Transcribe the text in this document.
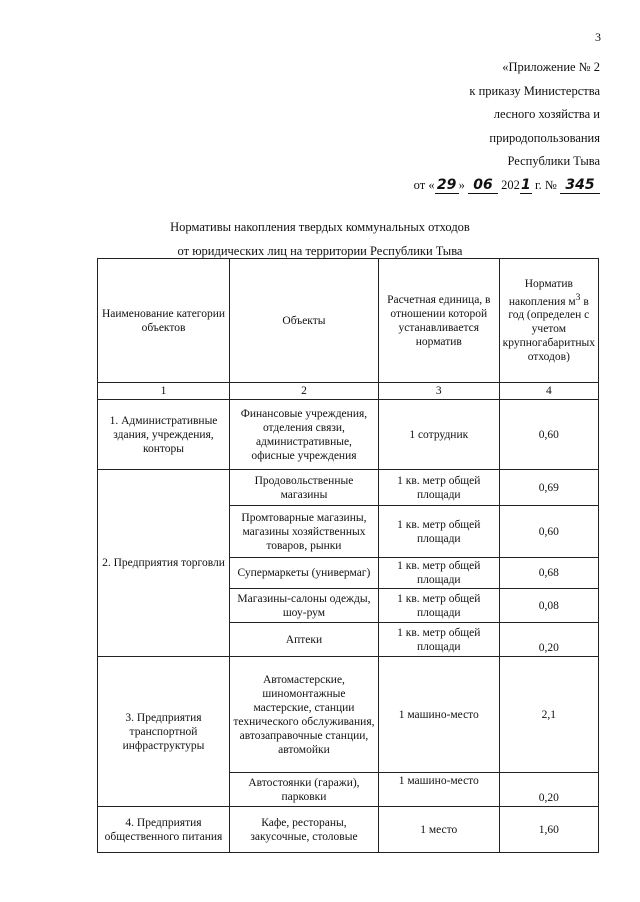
3
«Приложение № 2
к приказу Министерства
лесного хозяйства и
природопользования
Республики Тыва
от « 29 » 06 2021 г. № 345
Нормативы накопления твердых коммунальных отходов
от юридических лиц на территории Республики Тыва
Наименование категории объектов	Объекты	Расчетная единица, в отношении которой устанавливается норматив	Норматив накопления $м^3$ в год (определен с учетом крупногабаритных отходов)
1	2	3	4
1. Административные здания, учреждения, конторы	Финансовые учреждения, отделения связи, административные, офисные учреждения	1 сотрудник	0,60
2. Предприятия торговли	Продовольственные магазины	1 кв. метр общей площади	0,69
	Промтоварные магазины, магазины хозяйственных товаров, рынки	1 кв. метр общей площади	0,60
	Супермаркеты (универмаг)	1 кв. метр общей площади	0,68
	Магазины-салоны одежды, шоу-рум	1 кв. метр общей площади	0,08
	Аптеки	1 кв. метр общей площади	0,20
3. Предприятия транспортной инфраструктуры	Автомастерские, шиномонтажные мастерские, станции технического обслуживания, автозаправочные станции, автомойки	1 машино-место	2,1
	Автостоянки (гаражи), парковки	1 машино-место	0,20
4. Предприятия общественного питания	Кафе, рестораны, закусочные, столовые	1 место	1,60
